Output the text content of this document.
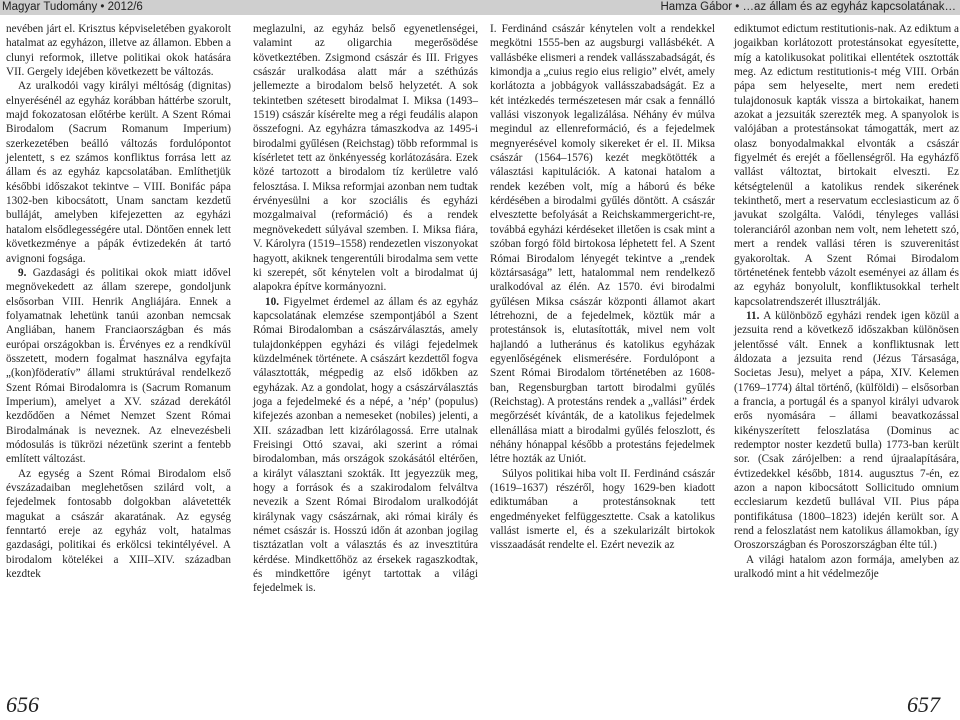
Magyar Tudomány • 2012/6	Hamza Gábor • …az állam és az egyház kapcsolatának…

nevében járt el. Krisztus képviseletében gyakorolt hatalmat az egyházon, illetve az államon. Ebben a clunyi reformok, illetve politikai okok hatására VII. Gergely idejében következett be változás.

Az uralkodói vagy királyi méltóság (dignitas) elnyerésénél az egyház korábban háttérbe szorult, majd fokozatosan előtérbe került. A Szent Római Birodalom (Sacrum Romanum Imperium) szerkezetében beálló változás fordulópontot jelentett, s ez számos konfliktus forrása lett az állam és az egyház kapcsolatában. Említhetjük későbbi időszakot tekintve – VIII. Bonifác pápa 1302-ben kibocsátott, Unam sanctam kezdetű bulláját, amelyben kifejezetten az egyházi hatalom elsődlegességére utal. Döntően ennek lett következménye a pápák évtizedekén át tartó avignoni fogsága.

9. Gazdasági és politikai okok miatt idővel megnövekedett az állam szerepe, gondoljunk elsősorban VIII. Henrik Angliájára. Ennek a folyamatnak lehetünk tanúi azonban nemcsak Angliában, hanem Franciaországban és más európai országokban is. Érvényes ez a rendkívül összetett, modern fogalmat használva egyfajta „(kon)föderatív” állami struktúrával rendelkező Szent Római Birodalomra is (Sacrum Romanum Imperium), amelyet a XV. század derekától kezdődően a Német Nemzet Szent Római Birodalmának is neveznek. Az elnevezésbeli módosulás is tükrözi nézetünk szerint a fentebb említett változást.

Az egység a Szent Római Birodalom első évszázadaiban meglehetősen szilárd volt, a fejedelmek fontosabb dolgokban alávetették magukat a császár akaratának. Az egység fenntartó ereje az egyház volt, hatalmas gazdasági, politikai és erkölcsi tekintélyével. A birodalom kötelékei a XIII–XIV. században kezdtek

meglazulni, az egyház belső egyenetlenségei, valamint az oligarchia megerősödése következtében. Zsigmond császár és III. Frigyes császár uralkodása alatt már a széthúzás jellemezte a birodalom belső helyzetét. A sok tekintetben szétesett birodalmat I. Miksa (1493–1519) császár kísérelte meg a régi feudális alapon összefogni. Az egyházra támaszkodva az 1495-i birodalmi gyűlésen (Reichstag) több reformmal is kísérletet tett az önkényesség korlátozására. Ezek közé tartozott a birodalom tíz kerületre való felosztása. I. Miksa reformjai azonban nem tudtak érvényesülni a kor szociális és egyházi mozgalmaival (reformáció) és a rendek megnövekedett súlyával szemben. I. Miksa fiára, V. Károlyra (1519–1558) rendezetlen viszonyokat hagyott, akiknek tengerentúli birodalma sem vette ki szerepét, sőt kénytelen volt a birodalmat új alapokra építve kormányozni.

10. Figyelmet érdemel az állam és az egyház kapcsolatának elemzése szempontjából a Szent Római Birodalomban a császárválasztás, amely tulajdonképpen egyházi és világi fejedelmek küzdelmének története. A császárt kezdettől fogva választották, mégpedig az első időkben az egyházak. Az a gondolat, hogy a császárválasztás joga a fejedelmeké és a népé, a ’nép’ (populus) kifejezés azonban a nemeseket (nobiles) jelenti, a XII. században lett kizárólagossá. Erre utalnak Freisingi Ottó szavai, aki szerint a római birodalomban, más országok szokásától eltérően, a királyt választani szokták. Itt jegyezzük meg, hogy a források és a szakirodalom felváltva nevezik a Szent Római Birodalom uralkodóját királynak vagy császárnak, aki római király és német császár is. Hosszú időn át azonban jogilag tisztázatlan volt a választás és az invesztitúra kérdése. Mindkettőhöz az érsekek ragaszkodtak, és mindkettőre igényt tartottak a világi fejedelmek is.

I. Ferdinánd császár kénytelen volt a rendekkel megkötni 1555-ben az augsburgi vallásbékét. A vallásbéke elismeri a rendek vallásszabadságát, és kimondja a „cuius regio eius religio” elvét, amely korlátozta a jobbágyok vallásszabadságát. Ez a két intézkedés természetesen már csak a fennálló vallási viszonyok legalizálása. Néhány év múlva megindul az ellenreformáció, és a fejedelmek megnyerésével komoly sikereket ér el. II. Miksa császár (1564–1576) kezét megkötötték a választási kapitulációk. A katonai hatalom a rendek kezében volt, míg a háború és béke kérdésében a birodalmi gyűlés döntött. A császár elvesztette befolyását a Reichskammergericht-re, továbbá egyházi kérdéseket illetően is csak mint a szóban forgó föld birtokosa léphetett fel. A Szent Római Birodalom lényegét tekintve a „rendek köztársasága” lett, hatalommal nem rendelkező uralkodóval az élén. Az 1570. évi birodalmi gyűlésen Miksa császár központi államot akart létrehozni, de a fejedelmek, köztük már a protestánsok is, elutasították, mivel nem volt hajlandó a lutheránus és katolikus egyházak egyenlőségének elismerésére. Fordulópont a Szent Római Birodalom történetében az 1608-ban, Regensburgban tartott birodalmi gyűlés (Reichstag). A protestáns rendek a „vallási” érdek megőrzését kívánták, de a katolikus fejedelmek ellenállása miatt a birodalmi gyűlés feloszlott, és néhány hónappal később a protestáns fejedelmek létre hozták az Uniót.

Súlyos politikai hiba volt II. Ferdinánd császár (1619–1637) részéről, hogy 1629-ben kiadott ediktumában a protestánsoknak tett engedményeket felfüggesztette. Csak a katolikus vallást ismerte el, és a szekularizált birtokok visszaadását rendelte el. Ezért nevezik az

ediktumot edictum restitutionis-nak. Az ediktum a jogaikban korlátozott protestánsokat egyesítette, míg a katolikusokat politikai ellentétek osztották meg. Az edictum restitutionis-t még VIII. Orbán pápa sem helyeselte, mert nem eredeti tulajdonosuk kapták vissza a birtokaikat, hanem azokat a jezsuiták szerezték meg. A spanyolok is valójában a protestánsokat támogatták, mert az olasz bonyodalmakkal elvonták a császár figyelmét és erejét a főellenségről. Ha egyházfő vallást változtat, birtokait elveszti. Ez kétségtelenül a katolikus rendek sikerének tekinthető, mert a reservatum ecclesiasticum az ő javukat szolgálta. Valódi, tényleges vallási toleranciáról azonban nem volt, nem lehetett szó, mert a rendek vallási téren is szuverenitást gyakoroltak. A Szent Római Birodalom történetének fentebb vázolt eseményei az állam és az egyház bonyolult, konfliktusokkal terhelt kapcsolatrendszerét illusztrálják.

11. A különböző egyházi rendek igen közül a jezsuita rend a következő időszakban különösen jelentőssé vált. Ennek a konfliktusnak lett áldozata a jezsuita rend (Jézus Társasága, Societas Jesu), melyet a pápa, XIV. Kelemen (1769–1774) által történő, (külföldi) – elsősorban a francia, a portugál és a spanyol királyi udvarok erős nyomására – állami beavatkozással kikényszerített feloszlatása (Dominus ac redemptor noster kezdetű bulla) 1773-ban került sor. (Csak zárójelben: a rend újraalapítására, évtizedekkel később, 1814. augusztus 7-én, ez azon a napon kibocsátott Sollicitudo omnium ecclesiarum kezdetű bullával VII. Pius pápa pontifikátusa (1800–1823) idején került sor. A rend a feloszlatást nem katolikus államokban, így Oroszországban és Poroszországban élte túl.)

A világi hatalom azon formája, amelyben az uralkodó mint a hit védelmezője

656	657
